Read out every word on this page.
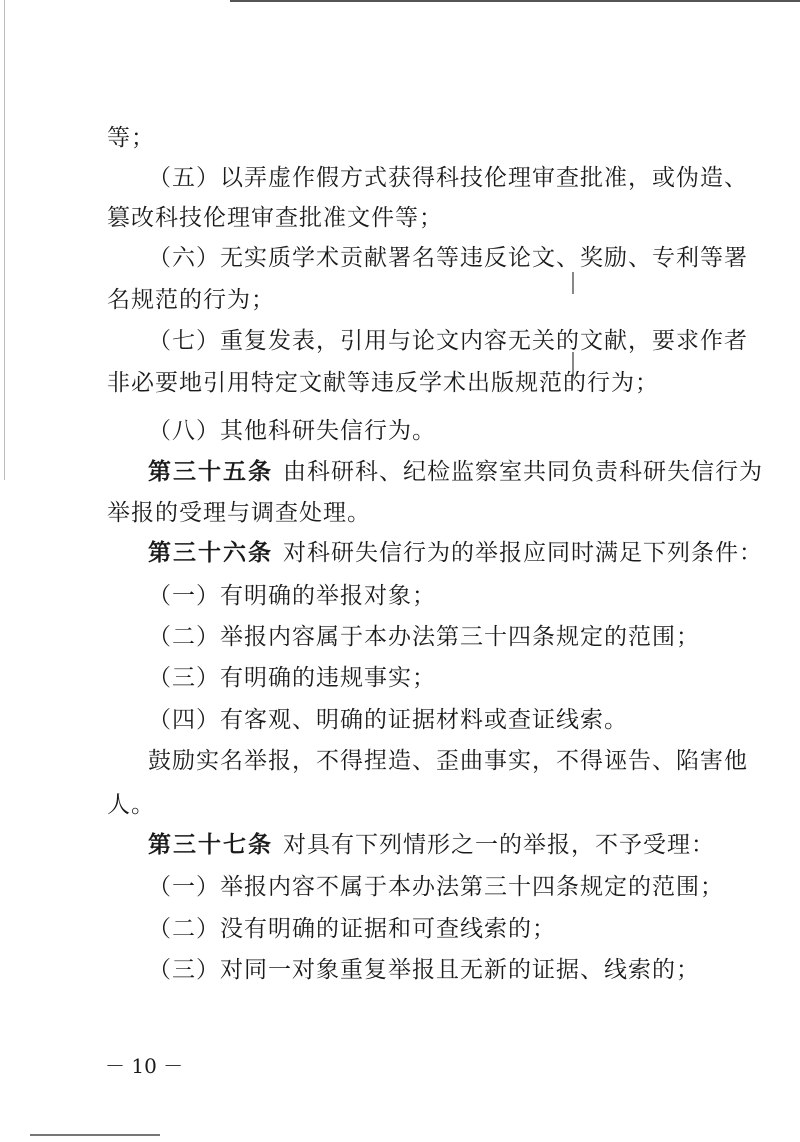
等；
（五）以弄虚作假方式获得科技伦理审查批准，或伪造、
篡改科技伦理审查批准文件等；
（六）无实质学术贡献署名等违反论文、奖励、专利等署
名规范的行为；
（七）重复发表，引用与论文内容无关的文献，要求作者
非必要地引用特定文献等违反学术出版规范的行为；
（八）其他科研失信行为。
第三十五条 由科研科、纪检监察室共同负责科研失信行为
举报的受理与调查处理。
第三十六条 对科研失信行为的举报应同时满足下列条件：
（一）有明确的举报对象；
（二）举报内容属于本办法第三十四条规定的范围；
（三）有明确的违规事实；
（四）有客观、明确的证据材料或查证线索。
鼓励实名举报，不得捏造、歪曲事实，不得诬告、陷害他
人。
第三十七条 对具有下列情形之一的举报，不予受理：
（一）举报内容不属于本办法第三十四条规定的范围；
（二）没有明确的证据和可查线索的；
（三）对同一对象重复举报且无新的证据、线索的；
－ 10 －
